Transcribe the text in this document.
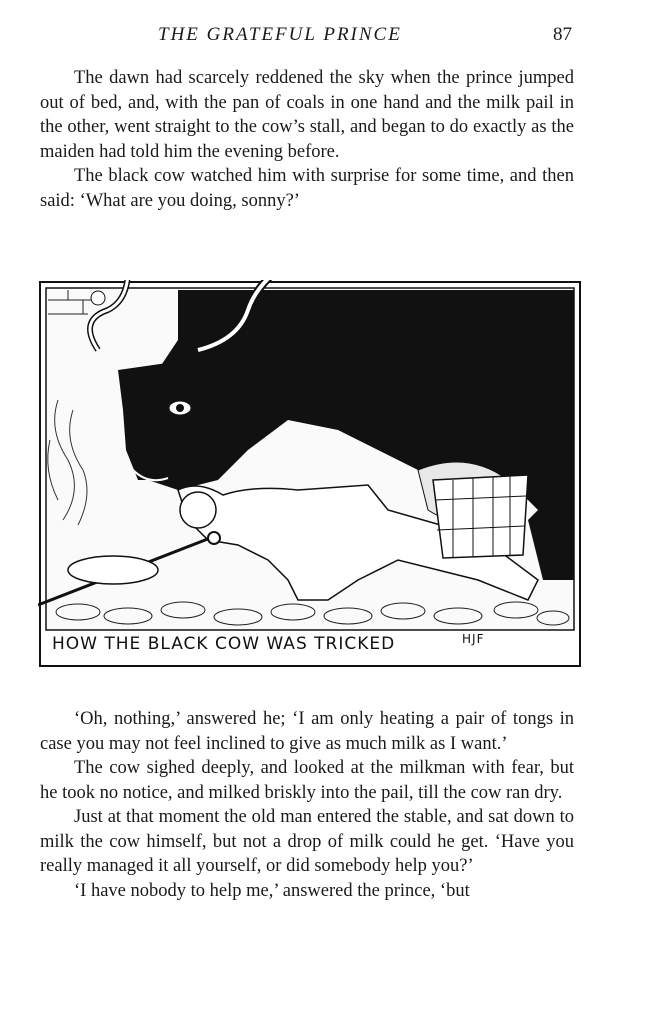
THE GRATEFUL PRINCE	87

The dawn had scarcely reddened the sky when the prince jumped out of bed, and, with the pan of coals in one hand and the milk pail in the other, went straight to the cow’s stall, and began to do exactly as the maiden had told him the evening before.

The black cow watched him with surprise for some time, and then said: ‘What are you doing, sonny?’

HOW THE BLACK COW WAS TRICKED	HJF

‘Oh, nothing,’ answered he; ‘I am only heating a pair of tongs in case you may not feel inclined to give as much milk as I want.’

The cow sighed deeply, and looked at the milkman with fear, but he took no notice, and milked briskly into the pail, till the cow ran dry.

Just at that moment the old man entered the stable, and sat down to milk the cow himself, but not a drop of milk could he get. ‘Have you really managed it all yourself, or did somebody help you?’

‘I have nobody to help me,’ answered the prince, ‘but
